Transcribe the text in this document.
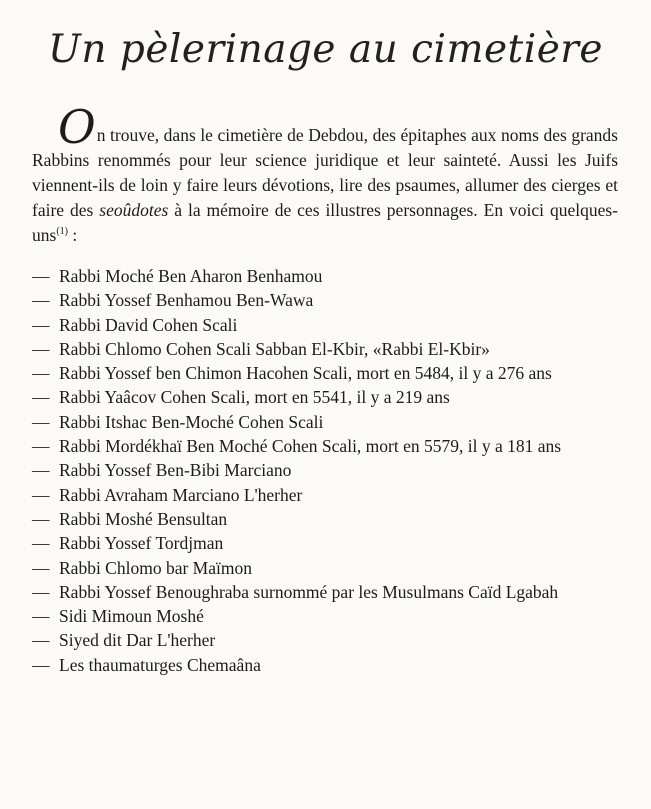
Un pèlerinage au cimetière

On trouve, dans le cimetière de Debdou, des épitaphes aux noms des grands Rabbins renommés pour leur science juridique et leur sainteté. Aussi les Juifs viennent-ils de loin y faire leurs dévotions, lire des psaumes, allumer des cierges et faire des seoûdotes à la mémoire de ces illustres personnages. En voici quelques-uns$^{(1)}$ :

— Rabbi Moché Ben Aharon Benhamou
— Rabbi Yossef Benhamou Ben-Wawa
— Rabbi David Cohen Scali
— Rabbi Chlomo Cohen Scali Sabban El-Kbir, «Rabbi El-Kbir»
— Rabbi Yossef ben Chimon Hacohen Scali, mort en 5484, il y a 276 ans
— Rabbi Yaâcov Cohen Scali, mort en 5541, il y a 219 ans
— Rabbi Itshac Ben-Moché Cohen Scali
— Rabbi Mordékhaï Ben Moché Cohen Scali, mort en 5579, il y a 181 ans
— Rabbi Yossef Ben-Bibi Marciano
— Rabbi Avraham Marciano L'herher
— Rabbi Moshé Bensultan
— Rabbi Yossef Tordjman
— Rabbi Chlomo bar Maïmon
— Rabbi Yossef Benoughraba surnommé par les Musulmans Caïd Lgabah
— Sidi Mimoun Moshé
— Siyed dit Dar L'herher
— Les thaumaturges Chemaâna
